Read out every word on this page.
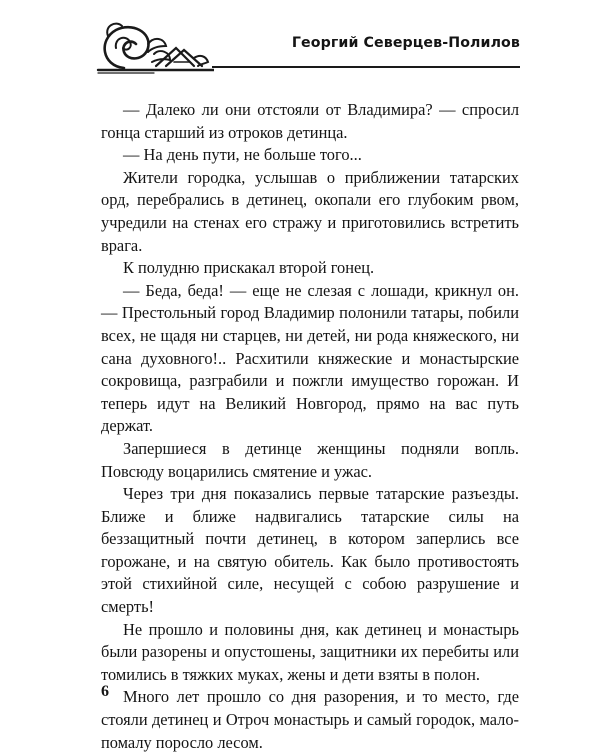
Георгий Северцев-Полилов

— Далеко ли они отстояли от Владимира? — спросил гонца старший из отроков детинца.

— На день пути, не больше того...

Жители городка, услышав о приближении татарских орд, перебрались в детинец, окопали его глубоким рвом, учредили на стенах его стражу и приготовились встретить врага.

К полудню прискакал второй гонец.

— Беда, беда! — еще не слезая с лошади, крикнул он. — Престольный город Владимир полонили татары, побили всех, не щадя ни старцев, ни детей, ни рода княжеского, ни сана духовного!.. Расхитили княжеские и монастырские сокровища, разграбили и пожгли имущество горожан. И теперь идут на Великий Новгород, прямо на вас путь держат.

Запершиеся в детинце женщины подняли вопль. Повсюду воцарились смятение и ужас.

Через три дня показались первые татарские разъезды. Ближе и ближе надвигались татарские силы на беззащитный почти детинец, в котором заперлись все горожане, и на святую обитель. Как было противостоять этой стихийной силе, несущей с собою разрушение и смерть!

Не прошло и половины дня, как детинец и монастырь были разорены и опустошены, защитники их перебиты или томились в тяжких муках, жены и дети взяты в полон.

Много лет прошло со дня разорения, и то место, где стояли детинец и Отроч монастырь и самый городок, мало-помалу поросло лесом.

6
